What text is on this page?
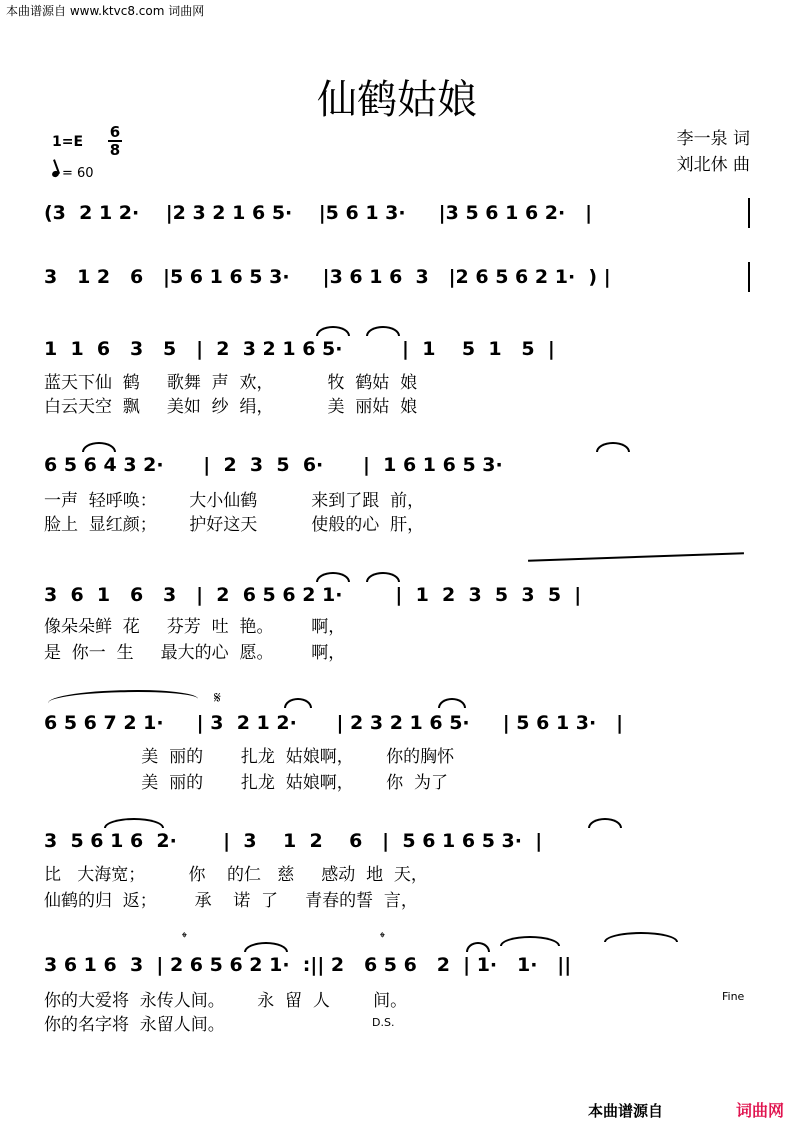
本曲谱源自 www.ktvc8.com 词曲网
仙鹤姑娘
1=E
6
8
= 60
李一泉 词
刘北休 曲
(3  2 1 2·    |2 3 2 1 6 5·    |5 6 1 3·     |3 5 6 1 6 2·   |
3   1 2   6   |5 6 1 6 5 3·     |3 6 1 6  3   |2 6 5 6 2 1·  ) |
1  1  6   3   5   |  2  3 2 1 6 5·         |  1    5  1   5  |
蓝天下仙  鹤     歌舞  声  欢，          牧  鹤姑  娘
白云天空  飘     美如  纱  绢，          美  丽姑  娘
6 5 6 4 3 2·      |  2  3  5  6·      |  1 6 1 6 5 3·
一声  轻呼唤：      大小仙鹤          来到了跟  前，
脸上  显红颜；      护好这天          使般的心  肝，
3  6  1   6   3   |  2  6 5 6 2 1·        |  1  2  3  5  3  5  |
像朵朵鲜  花     芬芳  吐  艳。       啊，
是  你一  生     最大的心  愿。       啊，
𝄋
6 5 6 7 2 1·     | 3  2 1 2·      | 2 3 2 1 6 5·     | 5 6 1 3·   |
美  丽的       扎龙  姑娘啊，      你的胸怀
美  丽的       扎龙  姑娘啊，      你  为了
3  5 6 1 6  2·       |  3    1  2    6   |  5 6 1 6 5 3·  |
比   大海宽；        你    的仁   慈     感动  地  天，
仙鹤的归  返；       承    诺  了     青春的誓  言，
𝄌	𝄌
3 6 1 6  3  | 2 6 5 6 2 1·  :|| 2   6 5 6   2  | 1·   1·   ||
你的大爱将  永传人间。      永  留  人        间。
你的名字将  永留人间。	D.S.
Fine
本曲谱源自	词曲网
